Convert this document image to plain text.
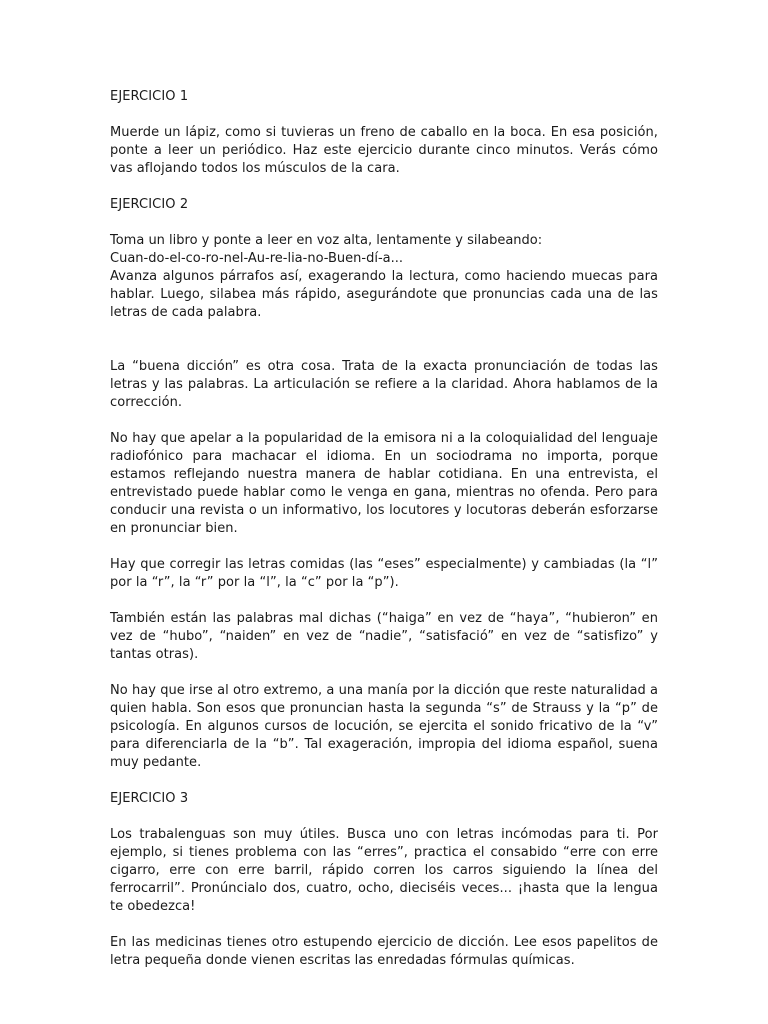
EJERCICIO 1

Muerde un lápiz, como si tuvieras un freno de caballo en la boca. En esa posición, ponte a leer un periódico. Haz este ejercicio durante cinco minutos. Verás cómo vas aflojando todos los músculos de la cara.

EJERCICIO 2

Toma un libro y ponte a leer en voz alta, lentamente y silabeando:

Cuan-do-el-co-ro-nel-Au-re-lia-no-Buen-dí-a...

Avanza algunos párrafos así, exagerando la lectura, como haciendo muecas para hablar. Luego, silabea más rápido, asegurándote que pronuncias cada una de las letras de cada palabra.

La “buena dicción” es otra cosa. Trata de la exacta pronunciación de todas las letras y las palabras. La articulación se refiere a la claridad. Ahora hablamos de la corrección.

No hay que apelar a la popularidad de la emisora ni a la coloquialidad del lenguaje radiofónico para machacar el idioma. En un sociodrama no importa, porque estamos reflejando nuestra manera de hablar cotidiana. En una entrevista, el entrevistado puede hablar como le venga en gana, mientras no ofenda. Pero para conducir una revista o un informativo, los locutores y locutoras deberán esforzarse en pronunciar bien.

Hay que corregir las letras comidas (las “eses” especialmente) y cambiadas (la “l” por la “r”, la “r” por la “l”, la “c” por la “p”).

También están las palabras mal dichas (“haiga” en vez de “haya”, “hubieron” en vez de “hubo”, “naiden” en vez de “nadie”, “satisfació” en vez de “satisfizo” y tantas otras).

No hay que irse al otro extremo, a una manía por la dicción que reste naturalidad a quien habla. Son esos que pronuncian hasta la segunda “s” de Strauss y la “p” de psicología. En algunos cursos de locución, se ejercita el sonido fricativo de la “v” para diferenciarla de la “b”. Tal exageración, impropia del idioma español, suena muy pedante.

EJERCICIO 3

Los trabalenguas son muy útiles. Busca uno con letras incómodas para ti. Por ejemplo, si tienes problema con las “erres”, practica el consabido “erre con erre cigarro, erre con erre barril, rápido corren los carros siguiendo la línea del ferrocarril”. Pronúncialo dos, cuatro, ocho, dieciséis veces... ¡hasta que la lengua te obedezca!

En las medicinas tienes otro estupendo ejercicio de dicción. Lee esos papelitos de letra pequeña donde vienen escritas las enredadas fórmulas químicas.
